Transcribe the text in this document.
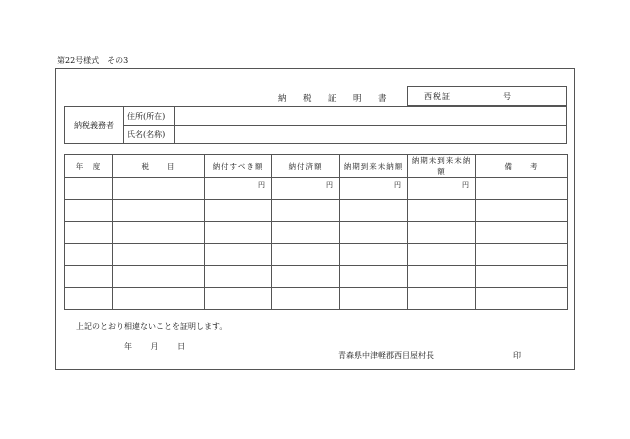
第22号様式　その3
納　税　証　明　書	西税証	号
納税義務者
住所(所在)
氏名(名称)
年　度	税　　目	納付すべき額	納付済額	納期到来未納額	納期未到来未納額	備　　考

		円	円	円	円	

上記のとおり相違ないことを証明します。
年 月 日
青森県中津軽郡西目屋村長	印
